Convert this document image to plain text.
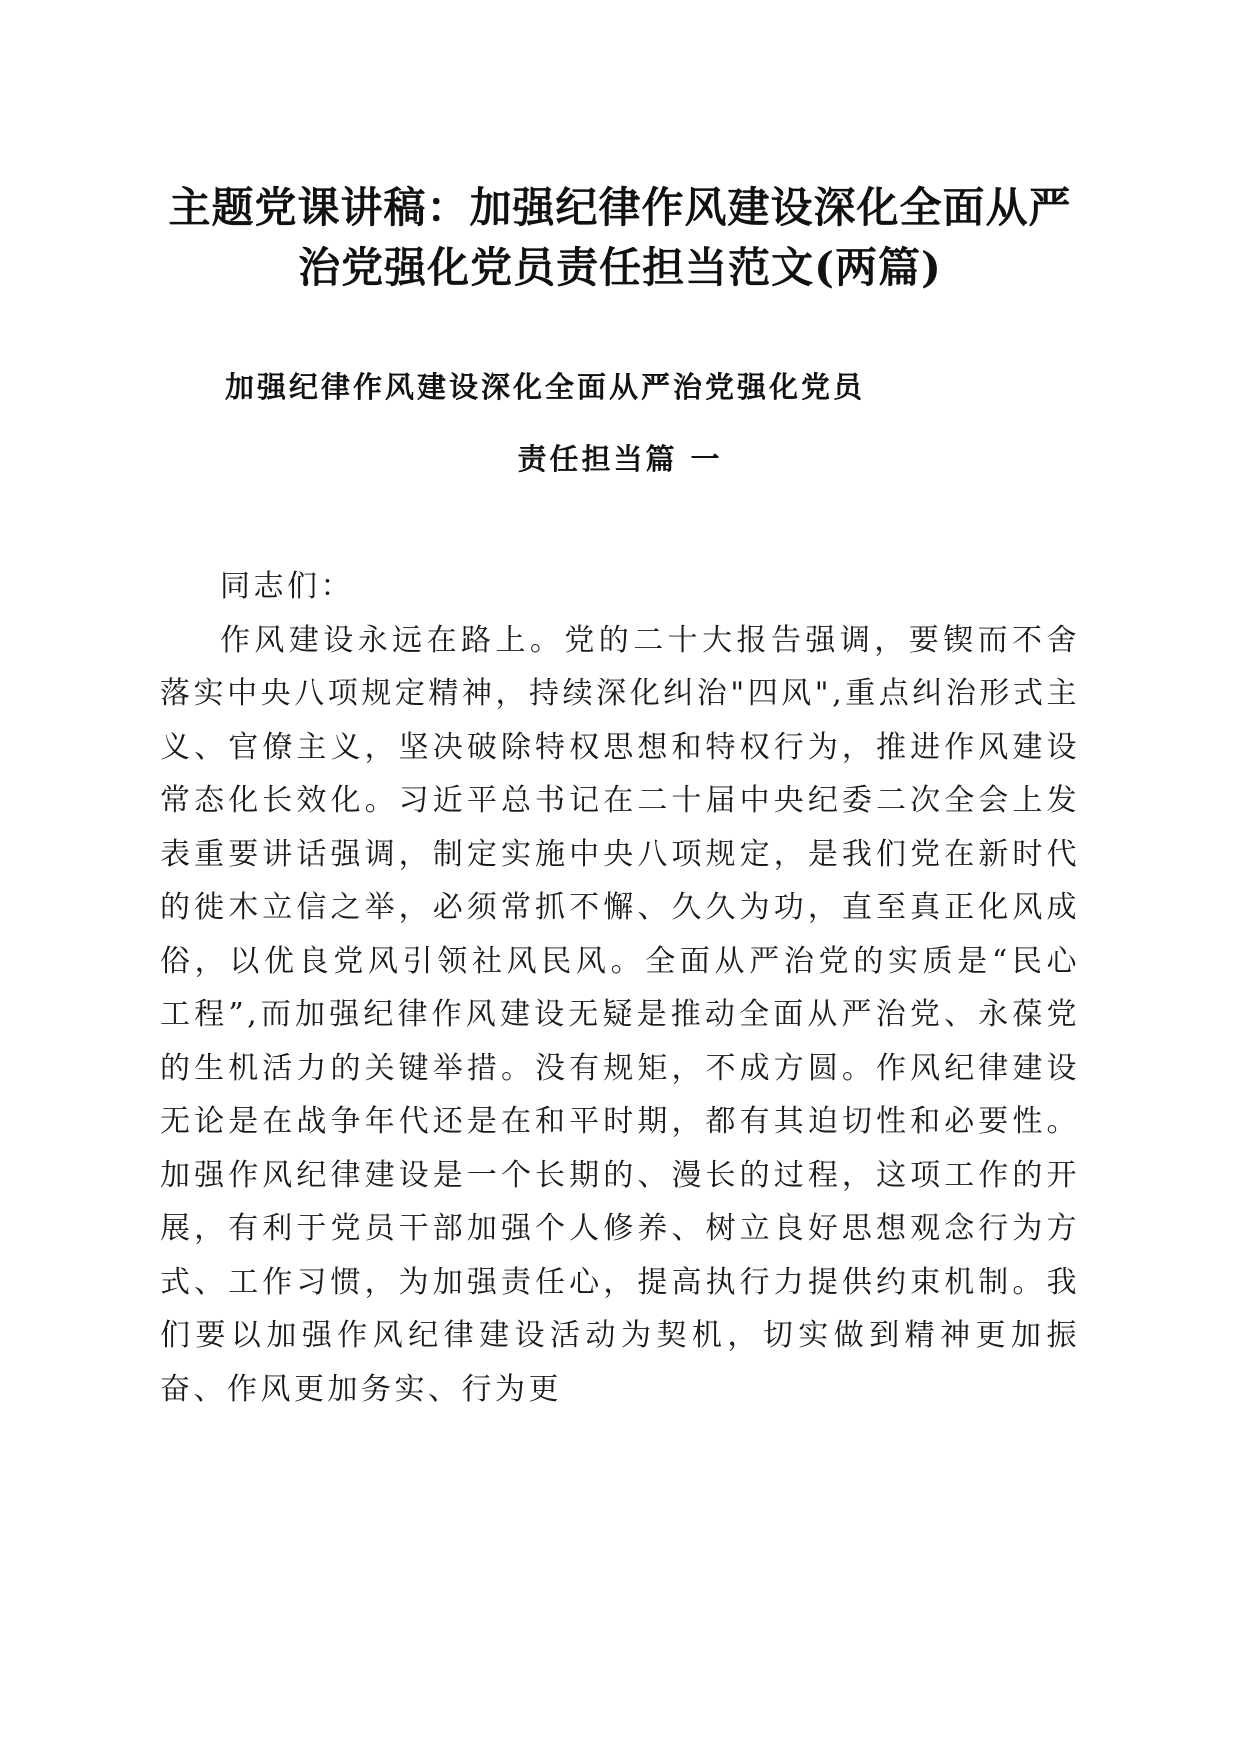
主题党课讲稿：加强纪律作风建设深化全面从严治党强化党员责任担当范文(两篇)
加强纪律作风建设深化全面从严治党强化党员
责任担当篇 一

同志们：

作风建设永远在路上。党的二十大报告强调，要锲而不舍落实中央八项规定精神，持续深化纠治"四风",重点纠治形式主义、官僚主义，坚决破除特权思想和特权行为，推进作风建设常态化长效化。习近平总书记在二十届中央纪委二次全会上发表重要讲话强调，制定实施中央八项规定，是我们党在新时代的徙木立信之举，必须常抓不懈、久久为功，直至真正化风成俗，以优良党风引领社风民风。全面从严治党的实质是“民心工程”,而加强纪律作风建设无疑是推动全面从严治党、永葆党的生机活力的关键举措。没有规矩，不成方圆。作风纪律建设无论是在战争年代还是在和平时期，都有其迫切性和必要性。加强作风纪律建设是一个长期的、漫长的过程，这项工作的开展，有利于党员干部加强个人修养、树立良好思想观念行为方式、工作习惯，为加强责任心，提高执行力提供约束机制。我们要以加强作风纪律建设活动为契机，切实做到精神更加振奋、作风更加务实、行为更
